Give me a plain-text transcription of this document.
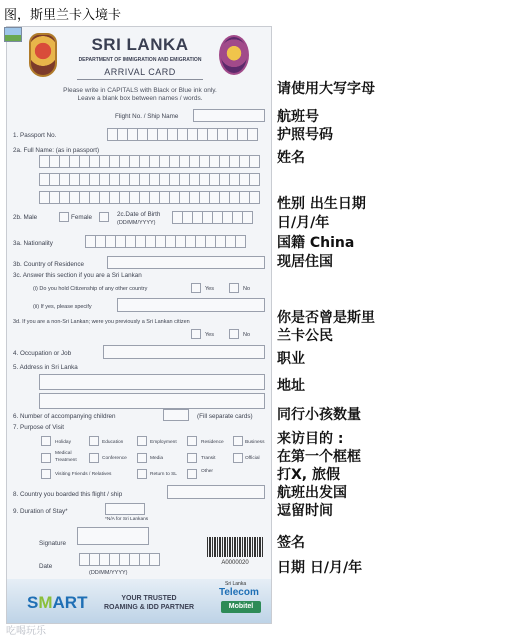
图，斯里兰卡入境卡
SRI LANKA
DEPARTMENT OF IMMIGRATION AND EMIGRATION
ARRIVAL CARD
Please write in CAPITALS with Black or Blue ink only.
Leave a blank box between names / words.
Flight No. / Ship Name
1. Passport No.
2a. Full Name: (as in passport)
2b. Male	Female	2c.Date of Birth
(DD/MM/YYYY)
3a. Nationality
3b. Country of Residence
3c. Answer this section if you are a Sri Lankan
(i) Do you hold Citizenship of any other country	Yes	No
(ii) If yes, please specify
3d. If you are a non-Sri Lankan; were you previously a Sri Lankan citizen
Yes	No
4. Occupation or Job
5. Address in Sri Lanka
6. Number of accompanying children	(Fill separate cards)
7. Purpose of Visit
Holiday	Education	Employment	Residence	Business
Medical
Treatment	Conference	Media	Transit	Official
Visiting Friends / Relatives	Return to SL
Other
8. Country you boarded this flight / ship
9. Duration of Stay*
*N/A for Sri Lankans
Signature
Date
(DD/MM/YYYY)
A0000020
SMART	YOUR TRUSTED
ROAMING & IDD PARTNER
Sri Lanka
Telecom
Mobitel
吃喝玩乐
请使用大写字母
航班号
护照号码
姓名
性别 出生日期
日/月/年
国籍 China
现居住国
你是否曾是斯里
兰卡公民
职业
地址
同行小孩数量
来访目的 :
在第一个框框
打X, 旅假
航班出发国
逗留时间
签名
日期 日/月/年
